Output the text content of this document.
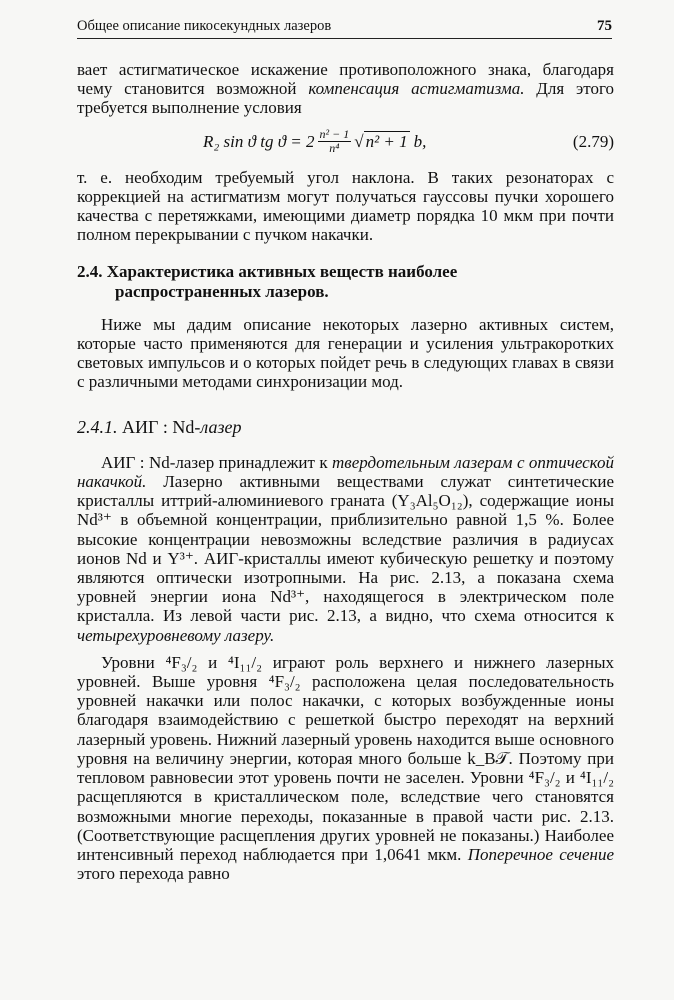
Общее описание пикосекундных лазеров	75

вает астигматическое искажение противоположного знака, благодаря чему становится возможной компенсация астигматизма. Для этого требуется выполнение условия

R₂ sin ϑ tg $ϑ = 2 \frac{\text{n² − 1}}{\text{n⁴}}$ √ n² + 1 b,	(2.79)

т. е. необходим требуемый угол наклона. В таких резонаторах с коррекцией на астигматизм могут получаться гауссовы пучки хорошего качества с перетяжками, имеющими диаметр порядка 10 мкм при почти полном перекрывании с пучком накачки.

2.4. Характеристика активных веществ наиболее
распространенных лазеров.

Ниже мы дадим описание некоторых лазерно активных систем, которые часто применяются для генерации и усиления ультракоротких световых импульсов и о которых пойдет речь в следующих главах в связи с различными методами синхронизации мод.

2.4.1. АИГ : Nd-лазер

АИГ : Nd-лазер принадлежит к твердотельным лазерам с оптической накачкой. Лазерно активными веществами служат синтетические кристаллы иттрий-алюминиевого граната (Y₃Al₅O₁₂), содержащие ионы Nd³⁺ в объемной концентрации, приблизительно равной 1,5 %. Более высокие концентрации невозможны вследствие различия в радиусах ионов Nd и Y³⁺. АИГ-кристаллы имеют кубическую решетку и поэтому являются оптически изотропными. На рис. 2.13, а показана схема уровней энергии иона Nd³⁺, находящегося в электрическом поле кристалла. Из левой части рис. 2.13, а видно, что схема относится к четырехуровневому лазеру.

Уровни ⁴F₃/₂ и ⁴I₁₁/₂ играют роль верхнего и нижнего лазерных уровней. Выше уровня ⁴F₃/₂ расположена целая последовательность уровней накачки или полос накачки, с которых возбужденные ионы благодаря взаимодействию с решеткой быстро переходят на верхний лазерный уровень. Нижний лазерный уровень находится выше основного уровня на величину энергии, которая много больше k_B𝒯. Поэтому при тепловом равновесии этот уровень почти не заселен. Уровни ⁴F₃/₂ и ⁴I₁₁/₂ расщепляются в кристаллическом поле, вследствие чего становятся возможными многие переходы, показанные в правой части рис. 2.13. (Соответствующие расщепления других уровней не показаны.) Наиболее интенсивный переход наблюдается при 1,0641 мкм. Поперечное сечение этого перехода равно
